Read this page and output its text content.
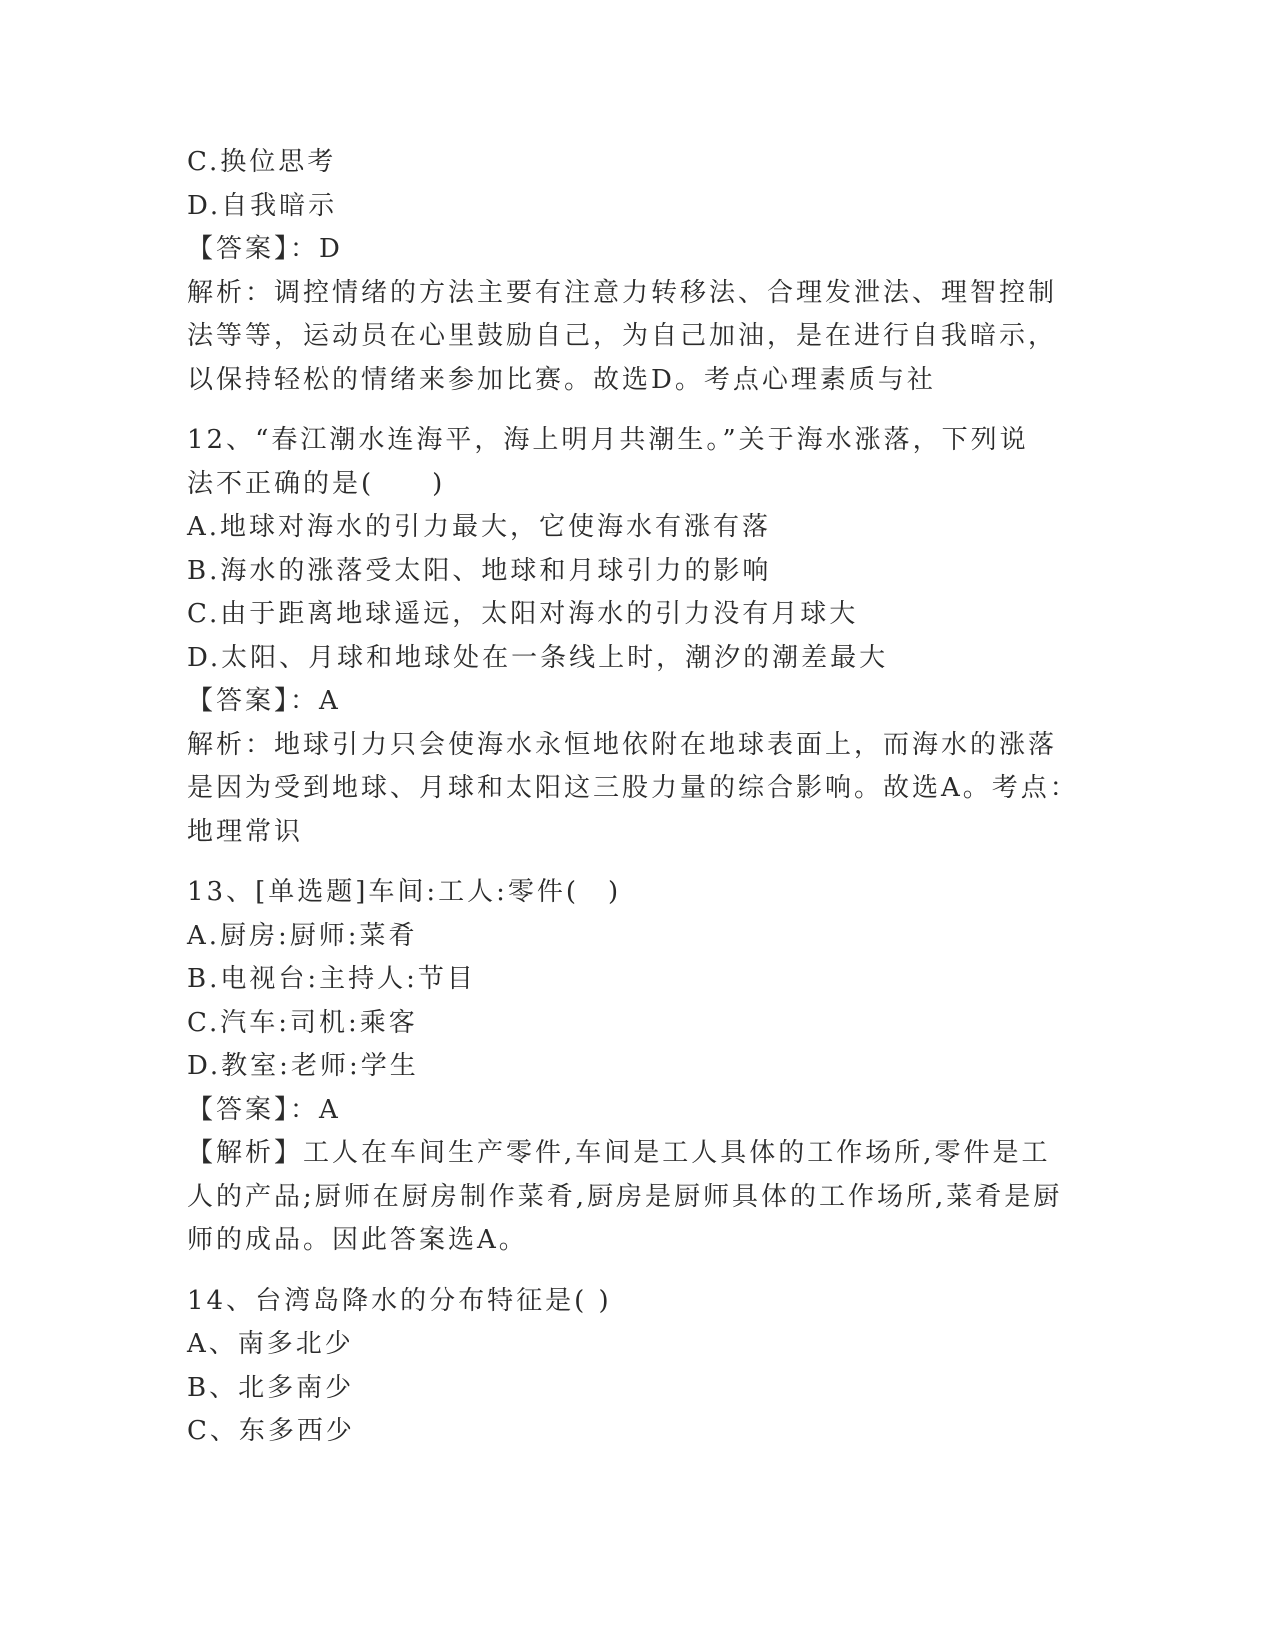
C.换位思考
D.自我暗示
【答案】：D
解析：调控情绪的方法主要有注意力转移法、合理发泄法、理智控制
法等等，运动员在心里鼓励自己，为自己加油，是在进行自我暗示，
以保持轻松的情绪来参加比赛。故选D。考点心理素质与社
12、“春江潮水连海平，海上明月共潮生。”关于海水涨落，下列说
法不正确的是(　　)
A.地球对海水的引力最大，它使海水有涨有落
B.海水的涨落受太阳、地球和月球引力的影响
C.由于距离地球遥远，太阳对海水的引力没有月球大
D.太阳、月球和地球处在一条线上时，潮汐的潮差最大
【答案】：A
解析：地球引力只会使海水永恒地依附在地球表面上，而海水的涨落
是因为受到地球、月球和太阳这三股力量的综合影响。故选A。考点：
地理常识
13、[单选题]车间:工人:零件(　)
A.厨房:厨师:菜肴
B.电视台:主持人:节目
C.汽车:司机:乘客
D.教室:老师:学生
【答案】：A
【解析】工人在车间生产零件,车间是工人具体的工作场所,零件是工
人的产品;厨师在厨房制作菜肴,厨房是厨师具体的工作场所,菜肴是厨
师的成品。因此答案选A。
14、台湾岛降水的分布特征是( )
A、南多北少
B、北多南少
C、东多西少
